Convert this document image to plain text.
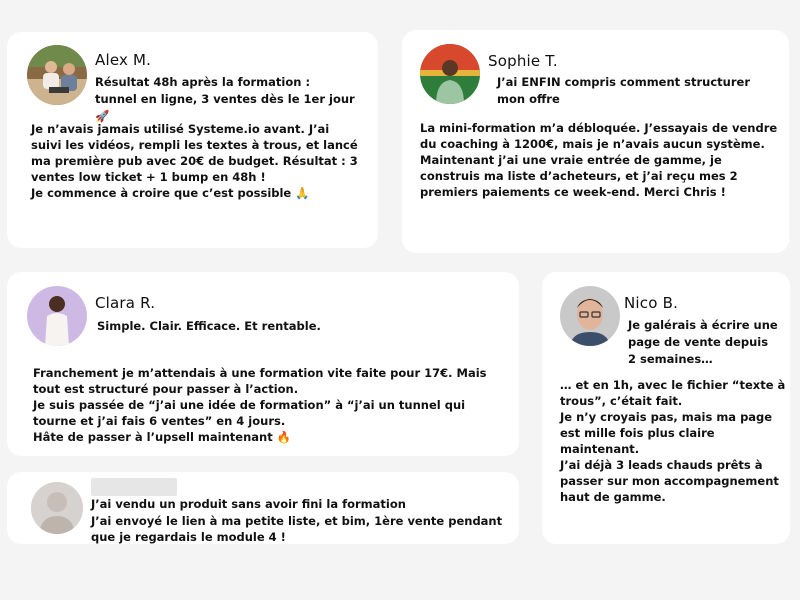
Alex M.
Résultat 48h après la formation : tunnel en ligne, 3 ventes dès le 1er jour 🚀
Je n’avais jamais utilisé Systeme.io avant. J’ai suivi les vidéos, rempli les textes à trous, et lancé ma première pub avec 20€ de budget. Résultat : 3 ventes low ticket + 1 bump en 48h !
Je commence à croire que c’est possible 🙏
Sophie T.
J’ai ENFIN compris comment structurer mon offre
La mini-formation m’a débloquée. J’essayais de vendre du coaching à 1200€, mais je n’avais aucun système. Maintenant j’ai une vraie entrée de gamme, je construis ma liste d’acheteurs, et j’ai reçu mes 2 premiers paiements ce week-end. Merci Chris !
Clara R.
Simple. Clair. Efficace. Et rentable.
Franchement je m’attendais à une formation vite faite pour 17€. Mais tout est structuré pour passer à l’action.
Je suis passée de “j’ai une idée de formation” à “j’ai un tunnel qui tourne et j’ai fais 6 ventes” en 4 jours.
Hâte de passer à l’upsell maintenant 🔥
Nico B.
Je galérais à écrire une page de vente depuis 2 semaines…
… et en 1h, avec le fichier “texte à trous”, c’était fait.
Je n’y croyais pas, mais ma page est mille fois plus claire maintenant.
J’ai déjà 3 leads chauds prêts à passer sur mon accompagnement haut de gamme.
J’ai vendu un produit sans avoir fini la formation
J’ai envoyé le lien à ma petite liste, et bim, 1ère vente pendant que je regardais le module 4 !
